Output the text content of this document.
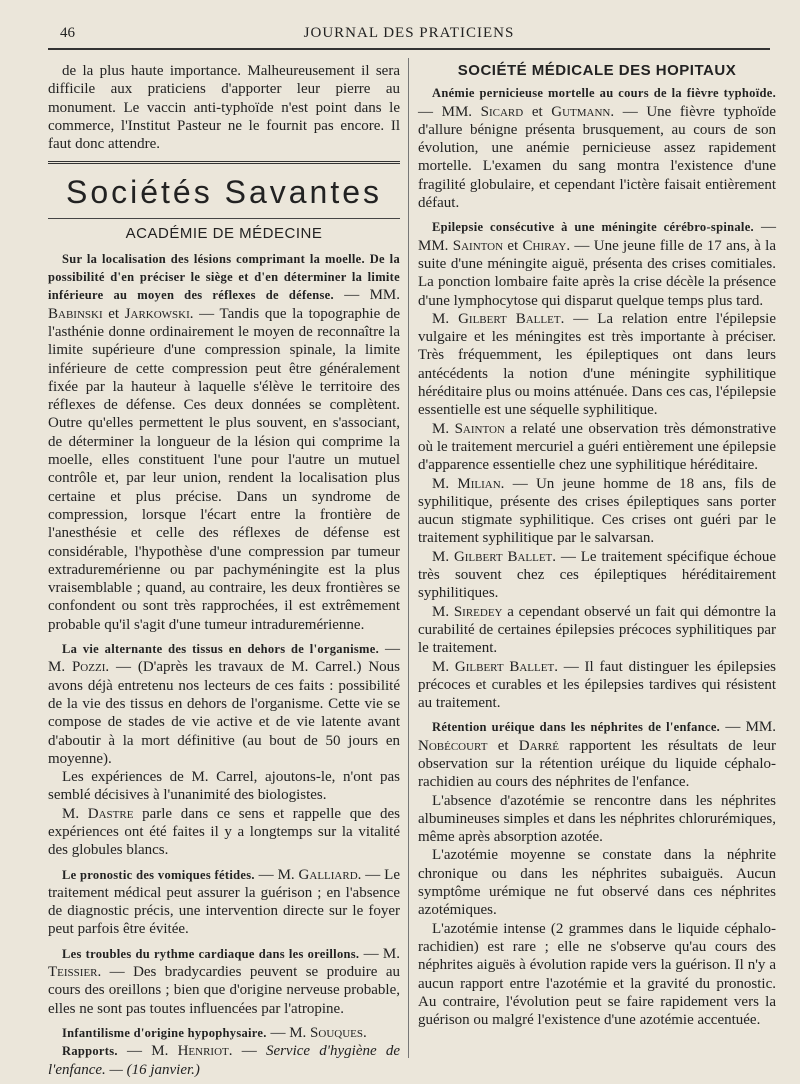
46	JOURNAL DES PRATICIENS

de la plus haute importance. Malheureusement il sera difficile aux praticiens d'apporter leur pierre au monument. Le vaccin anti-typhoïde n'est point dans le commerce, l'Institut Pasteur ne le fournit pas encore. Il faut donc attendre.

Sociétés Savantes
ACADÉMIE DE MÉDECINE

Sur la localisation des lésions comprimant la moelle. De la possibilité d'en préciser le siège et d'en déterminer la limite inférieure au moyen des réflexes de défense. — MM. Babinski et Jarkowski. — Tandis que la topographie de l'asthénie donne ordinairement le moyen de reconnaître la limite supérieure d'une compression spinale, la limite inférieure de cette compression peut être généralement fixée par la hauteur à laquelle s'élève le territoire des réflexes de défense. Ces deux données se complètent. Outre qu'elles permettent le plus souvent, en s'associant, de déterminer la longueur de la lésion qui comprime la moelle, elles constituent l'une pour l'autre un mutuel contrôle et, par leur union, rendent la localisation plus certaine et plus précise. Dans un syndrome de compression, lorsque l'écart entre la frontière de l'anesthésie et celle des réflexes de défense est considérable, l'hypothèse d'une compression par tumeur extraduremérienne ou par pachyméningite est la plus vraisemblable ; quand, au contraire, les deux frontières se confondent ou sont très rapprochées, il est extrêmement probable qu'il s'agit d'une tumeur intraduremérienne.

La vie alternante des tissus en dehors de l'organisme. — M. Pozzi. — (D'après les travaux de M. Carrel.) Nous avons déjà entretenu nos lecteurs de ces faits : possibilité de la vie des tissus en dehors de l'organisme. Cette vie se compose de stades de vie active et de vie latente avant d'aboutir à la mort définitive (au bout de 50 jours en moyenne).

Les expériences de M. Carrel, ajoutons-le, n'ont pas semblé décisives à l'unanimité des biologistes.

M. Dastre parle dans ce sens et rappelle que des expériences ont été faites il y a longtemps sur la vitalité des globules blancs.

Le pronostic des vomiques fétides. — M. Galliard. — Le traitement médical peut assurer la guérison ; en l'absence de diagnostic précis, une intervention directe sur le foyer peut parfois être évitée.

Les troubles du rythme cardiaque dans les oreillons. — M. Teissier. — Des bradycardies peuvent se produire au cours des oreillons ; bien que d'origine nerveuse probable, elles ne sont pas toutes influencées par l'atropine.

Infantilisme d'origine hypophysaire. — M. Souques.

Rapports. — M. Henriot. — Service d'hygiène de l'enfance. — (16 janvier.)

SOCIÉTÉ MÉDICALE DES HOPITAUX

Anémie pernicieuse mortelle au cours de la fièvre typhoïde. — MM. Sicard et Gutmann. — Une fièvre typhoïde d'allure bénigne présenta brusquement, au cours de son évolution, une anémie pernicieuse assez rapidement mortelle. L'examen du sang montra l'existence d'une fragilité globulaire, et cependant l'ictère faisait entièrement défaut.

Epilepsie consécutive à une méningite cérébro-spinale. — MM. Sainton et Chiray. — Une jeune fille de 17 ans, à la suite d'une méningite aiguë, présenta des crises comitiales. La ponction lombaire faite après la crise décèle la présence d'une lymphocytose qui disparut quelque temps plus tard.

M. Gilbert Ballet. — La relation entre l'épilepsie vulgaire et les méningites est très importante à préciser. Très fréquemment, les épileptiques ont dans leurs antécédents la notion d'une méningite syphilitique héréditaire plus ou moins atténuée. Dans ces cas, l'épilepsie essentielle est une séquelle syphilitique.

M. Sainton a relaté une observation très démonstrative où le traitement mercuriel a guéri entièrement une épilepsie d'apparence essentielle chez une syphilitique héréditaire.

M. Milian. — Un jeune homme de 18 ans, fils de syphilitique, présente des crises épileptiques sans porter aucun stigmate syphilitique. Ces crises ont guéri par le traitement syphilitique par le salvarsan.

M. Gilbert Ballet. — Le traitement spécifique échoue très souvent chez ces épileptiques héréditairement syphilitiques.

M. Siredey a cependant observé un fait qui démontre la curabilité de certaines épilepsies précoces syphilitiques par le traitement.

M. Gilbert Ballet. — Il faut distinguer les épilepsies précoces et curables et les épilepsies tardives qui résistent au traitement.

Rétention uréique dans les néphrites de l'enfance. — MM. Nobécourt et Darré rapportent les résultats de leur observation sur la rétention uréique du liquide céphalo-rachidien au cours des néphrites de l'enfance.

L'absence d'azotémie se rencontre dans les néphrites albumineuses simples et dans les néphrites chlorurémiques, même après absorption azotée.

L'azotémie moyenne se constate dans la néphrite chronique ou dans les néphrites subaiguës. Aucun symptôme urémique ne fut observé dans ces néphrites azotémiques.

L'azotémie intense (2 grammes dans le liquide céphalo-rachidien) est rare ; elle ne s'observe qu'au cours des néphrites aiguës à évolution rapide vers la guérison. Il n'y a aucun rapport entre l'azotémie et la gravité du pronostic. Au contraire, l'évolution peut se faire rapidement vers la guérison ou malgré l'existence d'une azotémie accentuée.
